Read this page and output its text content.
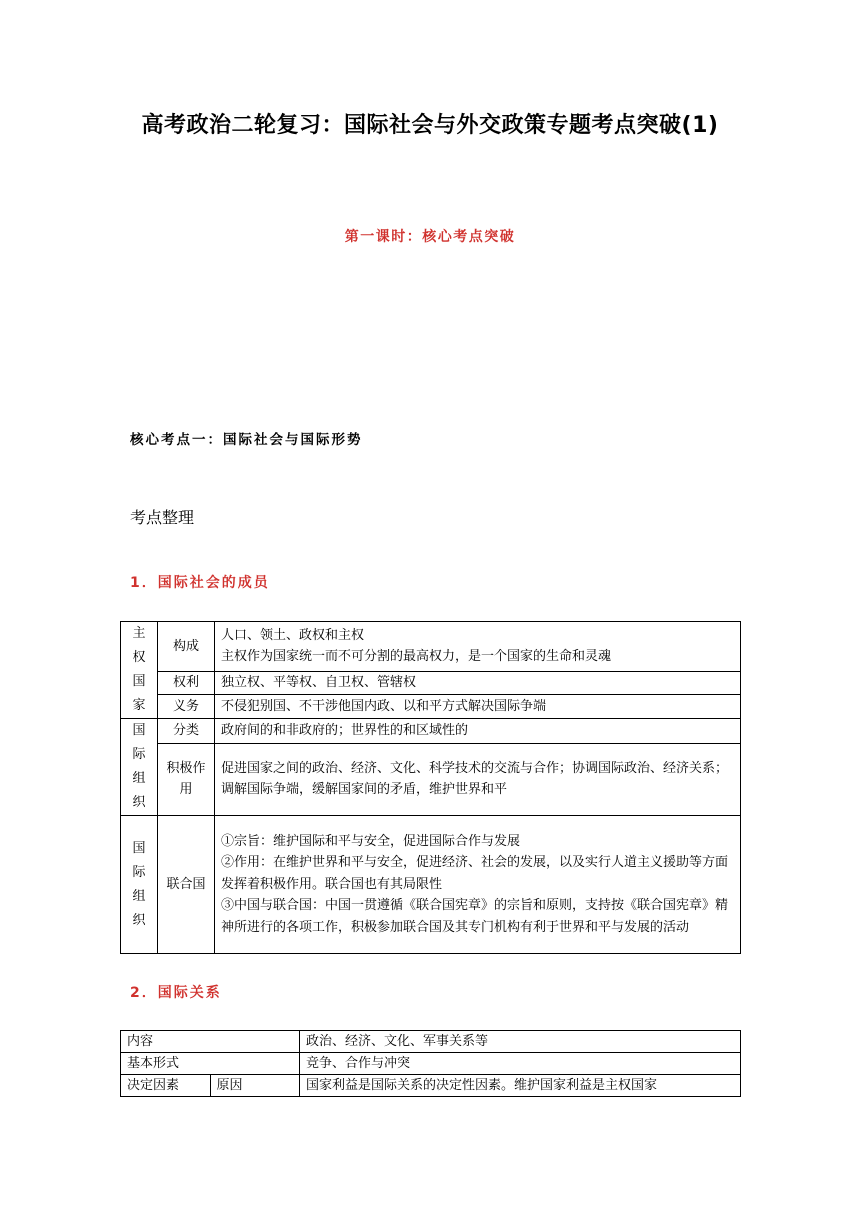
高考政治二轮复习：国际社会与外交政策专题考点突破(1)
第一课时：核心考点突破
核心考点一：国际社会与国际形势
考点整理
1．国际社会的成员
主权国家	构成	人口、领土、政权和主权
主权作为国家统一而不可分割的最高权力，是一个国家的生命和灵魂
	权利	独立权、平等权、自卫权、管辖权
	义务	不侵犯别国、不干涉他国内政、以和平方式解决国际争端
国际组织	分类	政府间的和非政府的；世界性的和区域性的
	积极作用	促进国家之间的政治、经济、文化、科学技术的交流与合作；协调国际政治、经济关系；调解国际争端，缓解国家间的矛盾，维护世界和平
国际组织	联合国	①宗旨：维护国际和平与安全，促进国际合作与发展
②作用：在维护世界和平与安全，促进经济、社会的发展，以及实行人道主义援助等方面发挥着积极作用。联合国也有其局限性
③中国与联合国：中国一贯遵循《联合国宪章》的宗旨和原则，支持按《联合国宪章》精神所进行的各项工作，积极参加联合国及其专门机构有利于世界和平与发展的活动
2．国际关系
内容		政治、经济、文化、军事关系等
基本形式		竞争、合作与冲突
决定因素	原因	国家利益是国际关系的决定性因素。维护国家利益是主权国家
